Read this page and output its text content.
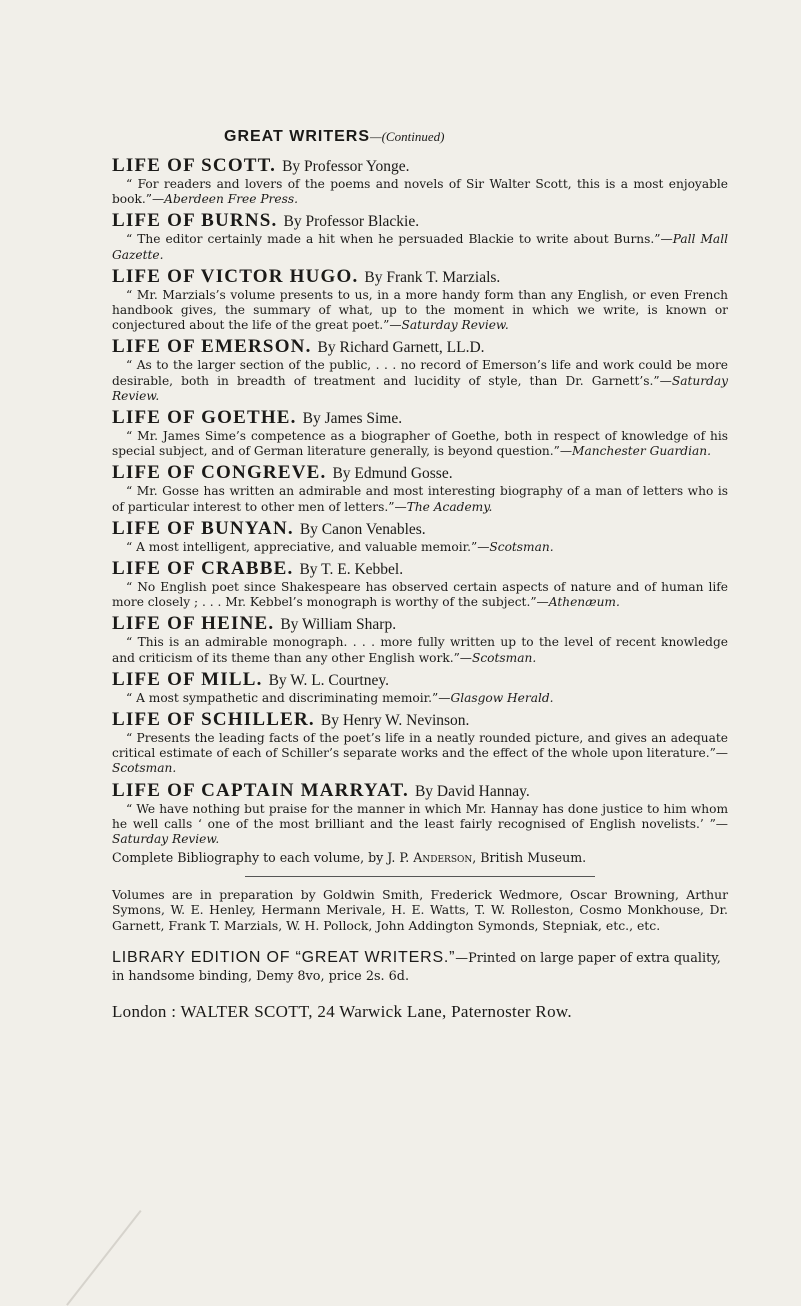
GREAT WRITERS—(Continued)
LIFE OF SCOTT. By Professor Yonge.
“ For readers and lovers of the poems and novels of Sir Walter Scott, this is a most enjoyable book.”—Aberdeen Free Press.
LIFE OF BURNS. By Professor Blackie.
“ The editor certainly made a hit when he persuaded Blackie to write about Burns.”—Pall Mall Gazette.
LIFE OF VICTOR HUGO. By Frank T. Marzials.
“ Mr. Marzials’s volume presents to us, in a more handy form than any English, or even French handbook gives, the summary of what, up to the moment in which we write, is known or conjectured about the life of the great poet.”—Saturday Review.
LIFE OF EMERSON. By Richard Garnett, LL.D.
“ As to the larger section of the public, . . . no record of Emerson’s life and work could be more desirable, both in breadth of treatment and lucidity of style, than Dr. Garnett’s.”—Saturday Review.
LIFE OF GOETHE. By James Sime.
“ Mr. James Sime’s competence as a biographer of Goethe, both in respect of knowledge of his special subject, and of German literature generally, is beyond question.”—Manchester Guardian.
LIFE OF CONGREVE. By Edmund Gosse.
“ Mr. Gosse has written an admirable and most interesting biography of a man of letters who is of particular interest to other men of letters.”—The Academy.
LIFE OF BUNYAN. By Canon Venables.
“ A most intelligent, appreciative, and valuable memoir.”—Scotsman.
LIFE OF CRABBE. By T. E. Kebbel.
“ No English poet since Shakespeare has observed certain aspects of nature and of human life more closely ; . . . Mr. Kebbel’s monograph is worthy of the subject.”—Athenæum.
LIFE OF HEINE. By William Sharp.
“ This is an admirable monograph. . . . more fully written up to the level of recent knowledge and criticism of its theme than any other English work.”—Scotsman.
LIFE OF MILL. By W. L. Courtney.
“ A most sympathetic and discriminating memoir.”—Glasgow Herald.
LIFE OF SCHILLER. By Henry W. Nevinson.
“ Presents the leading facts of the poet’s life in a neatly rounded picture, and gives an adequate critical estimate of each of Schiller’s separate works and the effect of the whole upon literature.”—Scotsman.
LIFE OF CAPTAIN MARRYAT. By David Hannay.
“ We have nothing but praise for the manner in which Mr. Hannay has done justice to him whom he well calls ‘ one of the most brilliant and the least fairly recognised of English novelists.’ ”—Saturday Review.
Complete Bibliography to each volume, by J. P. Anderson, British Museum.
Volumes are in preparation by Goldwin Smith, Frederick Wedmore, Oscar Browning, Arthur Symons, W. E. Henley, Hermann Merivale, H. E. Watts, T. W. Rolleston, Cosmo Monkhouse, Dr. Garnett, Frank T. Marzials, W. H. Pollock, John Addington Symonds, Stepniak, etc., etc.
LIBRARY EDITION OF “GREAT WRITERS.”—Printed on large paper of extra quality, in handsome binding, Demy 8vo, price 2s. 6d.
London : WALTER SCOTT, 24 Warwick Lane, Paternoster Row.
